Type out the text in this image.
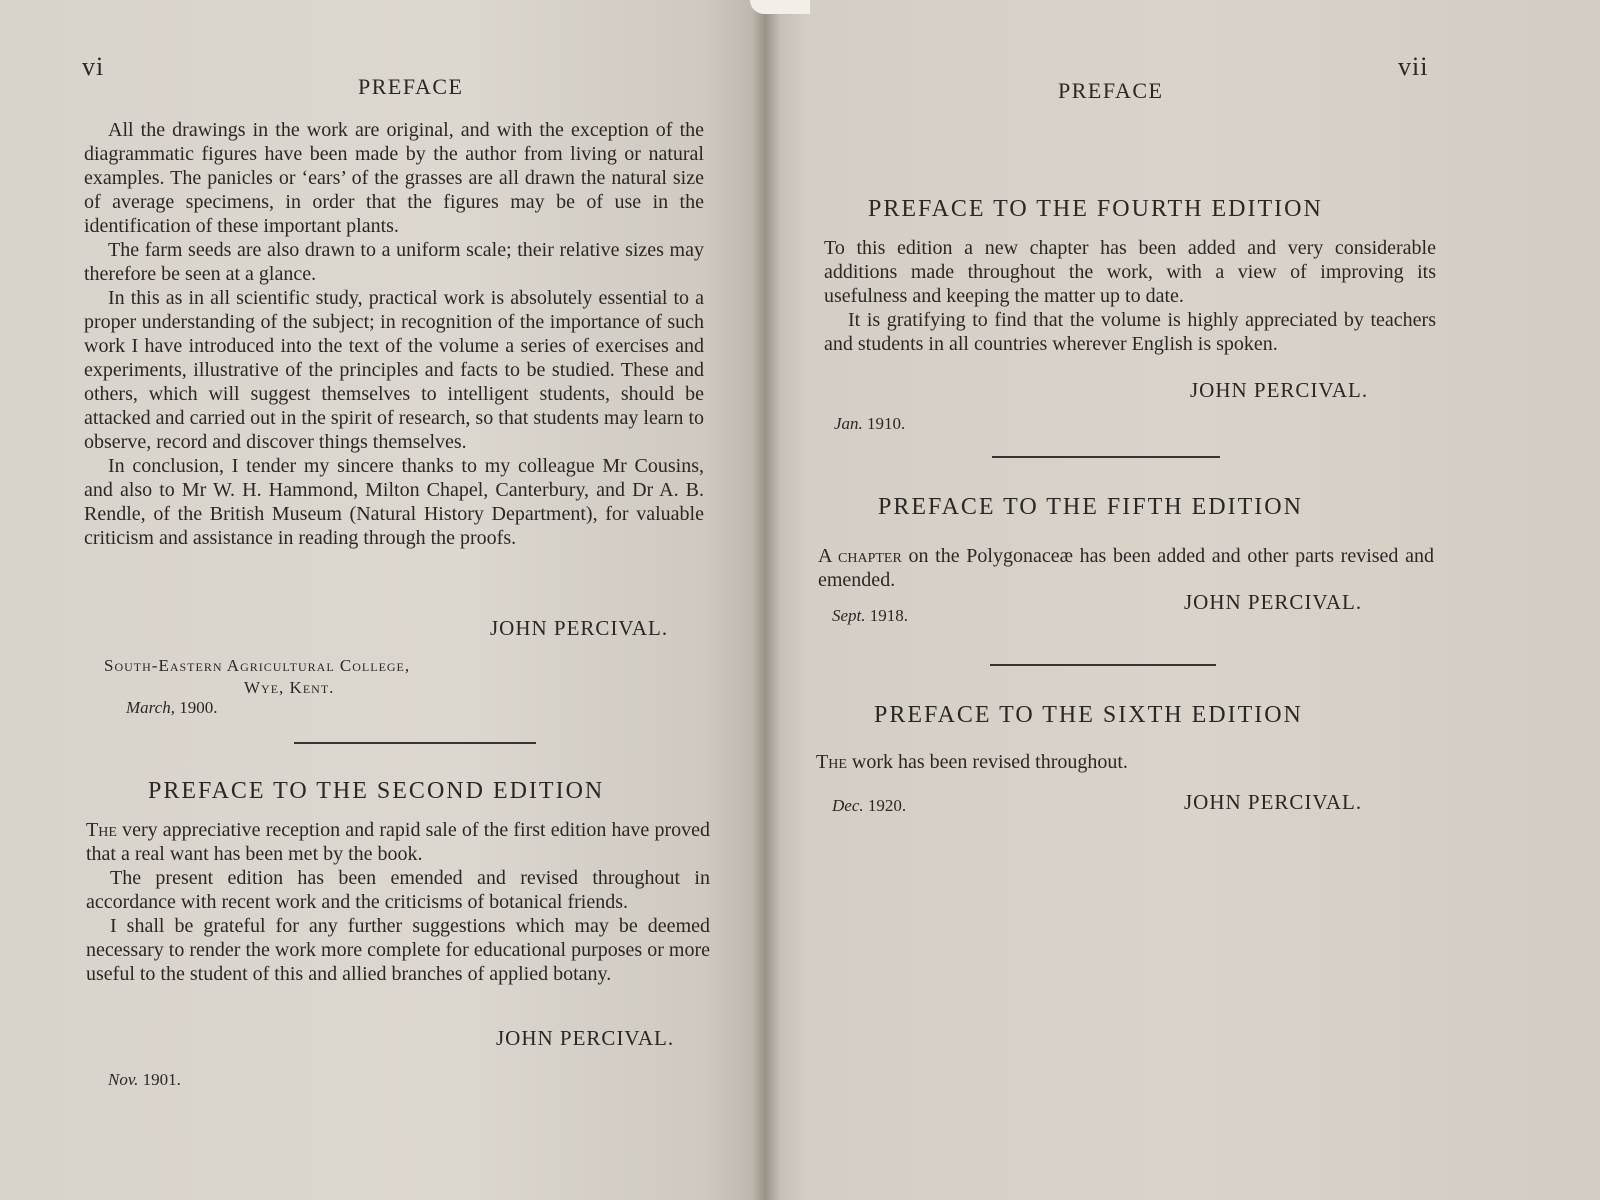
vi
PREFACE

All the drawings in the work are original, and with the exception of the diagrammatic figures have been made by the author from living or natural examples. The panicles or ‘ears’ of the grasses are all drawn the natural size of average specimens, in order that the figures may be of use in the identification of these important plants.

The farm seeds are also drawn to a uniform scale; their relative sizes may therefore be seen at a glance.

In this as in all scientific study, practical work is absolutely essential to a proper understanding of the subject; in recognition of the importance of such work I have introduced into the text of the volume a series of exercises and experiments, illustrative of the principles and facts to be studied. These and others, which will suggest themselves to intelligent students, should be attacked and carried out in the spirit of research, so that students may learn to observe, record and discover things themselves.

In conclusion, I tender my sincere thanks to my colleague Mr Cousins, and also to Mr W. H. Hammond, Milton Chapel, Canterbury, and Dr A. B. Rendle, of the British Museum (Natural History Department), for valuable criticism and assistance in reading through the proofs.

JOHN PERCIVAL.
South-Eastern Agricultural College,
Wye, Kent.
March, 1900.
PREFACE TO THE SECOND EDITION

The very appreciative reception and rapid sale of the first edition have proved that a real want has been met by the book.

The present edition has been emended and revised throughout in accordance with recent work and the criticisms of botanical friends.

I shall be grateful for any further suggestions which may be deemed necessary to render the work more complete for educational purposes or more useful to the student of this and allied branches of applied botany.

JOHN PERCIVAL.
Nov. 1901.
vii
PREFACE
PREFACE TO THE FOURTH EDITION

To this edition a new chapter has been added and very considerable additions made throughout the work, with a view of improving its usefulness and keeping the matter up to date.

It is gratifying to find that the volume is highly appreciated by teachers and students in all countries wherever English is spoken.

JOHN PERCIVAL.
Jan. 1910.
PREFACE TO THE FIFTH EDITION

A chapter on the Polygonaceæ has been added and other parts revised and emended.

JOHN PERCIVAL.
Sept. 1918.
PREFACE TO THE SIXTH EDITION

The work has been revised throughout.

Dec. 1920.	JOHN PERCIVAL.
